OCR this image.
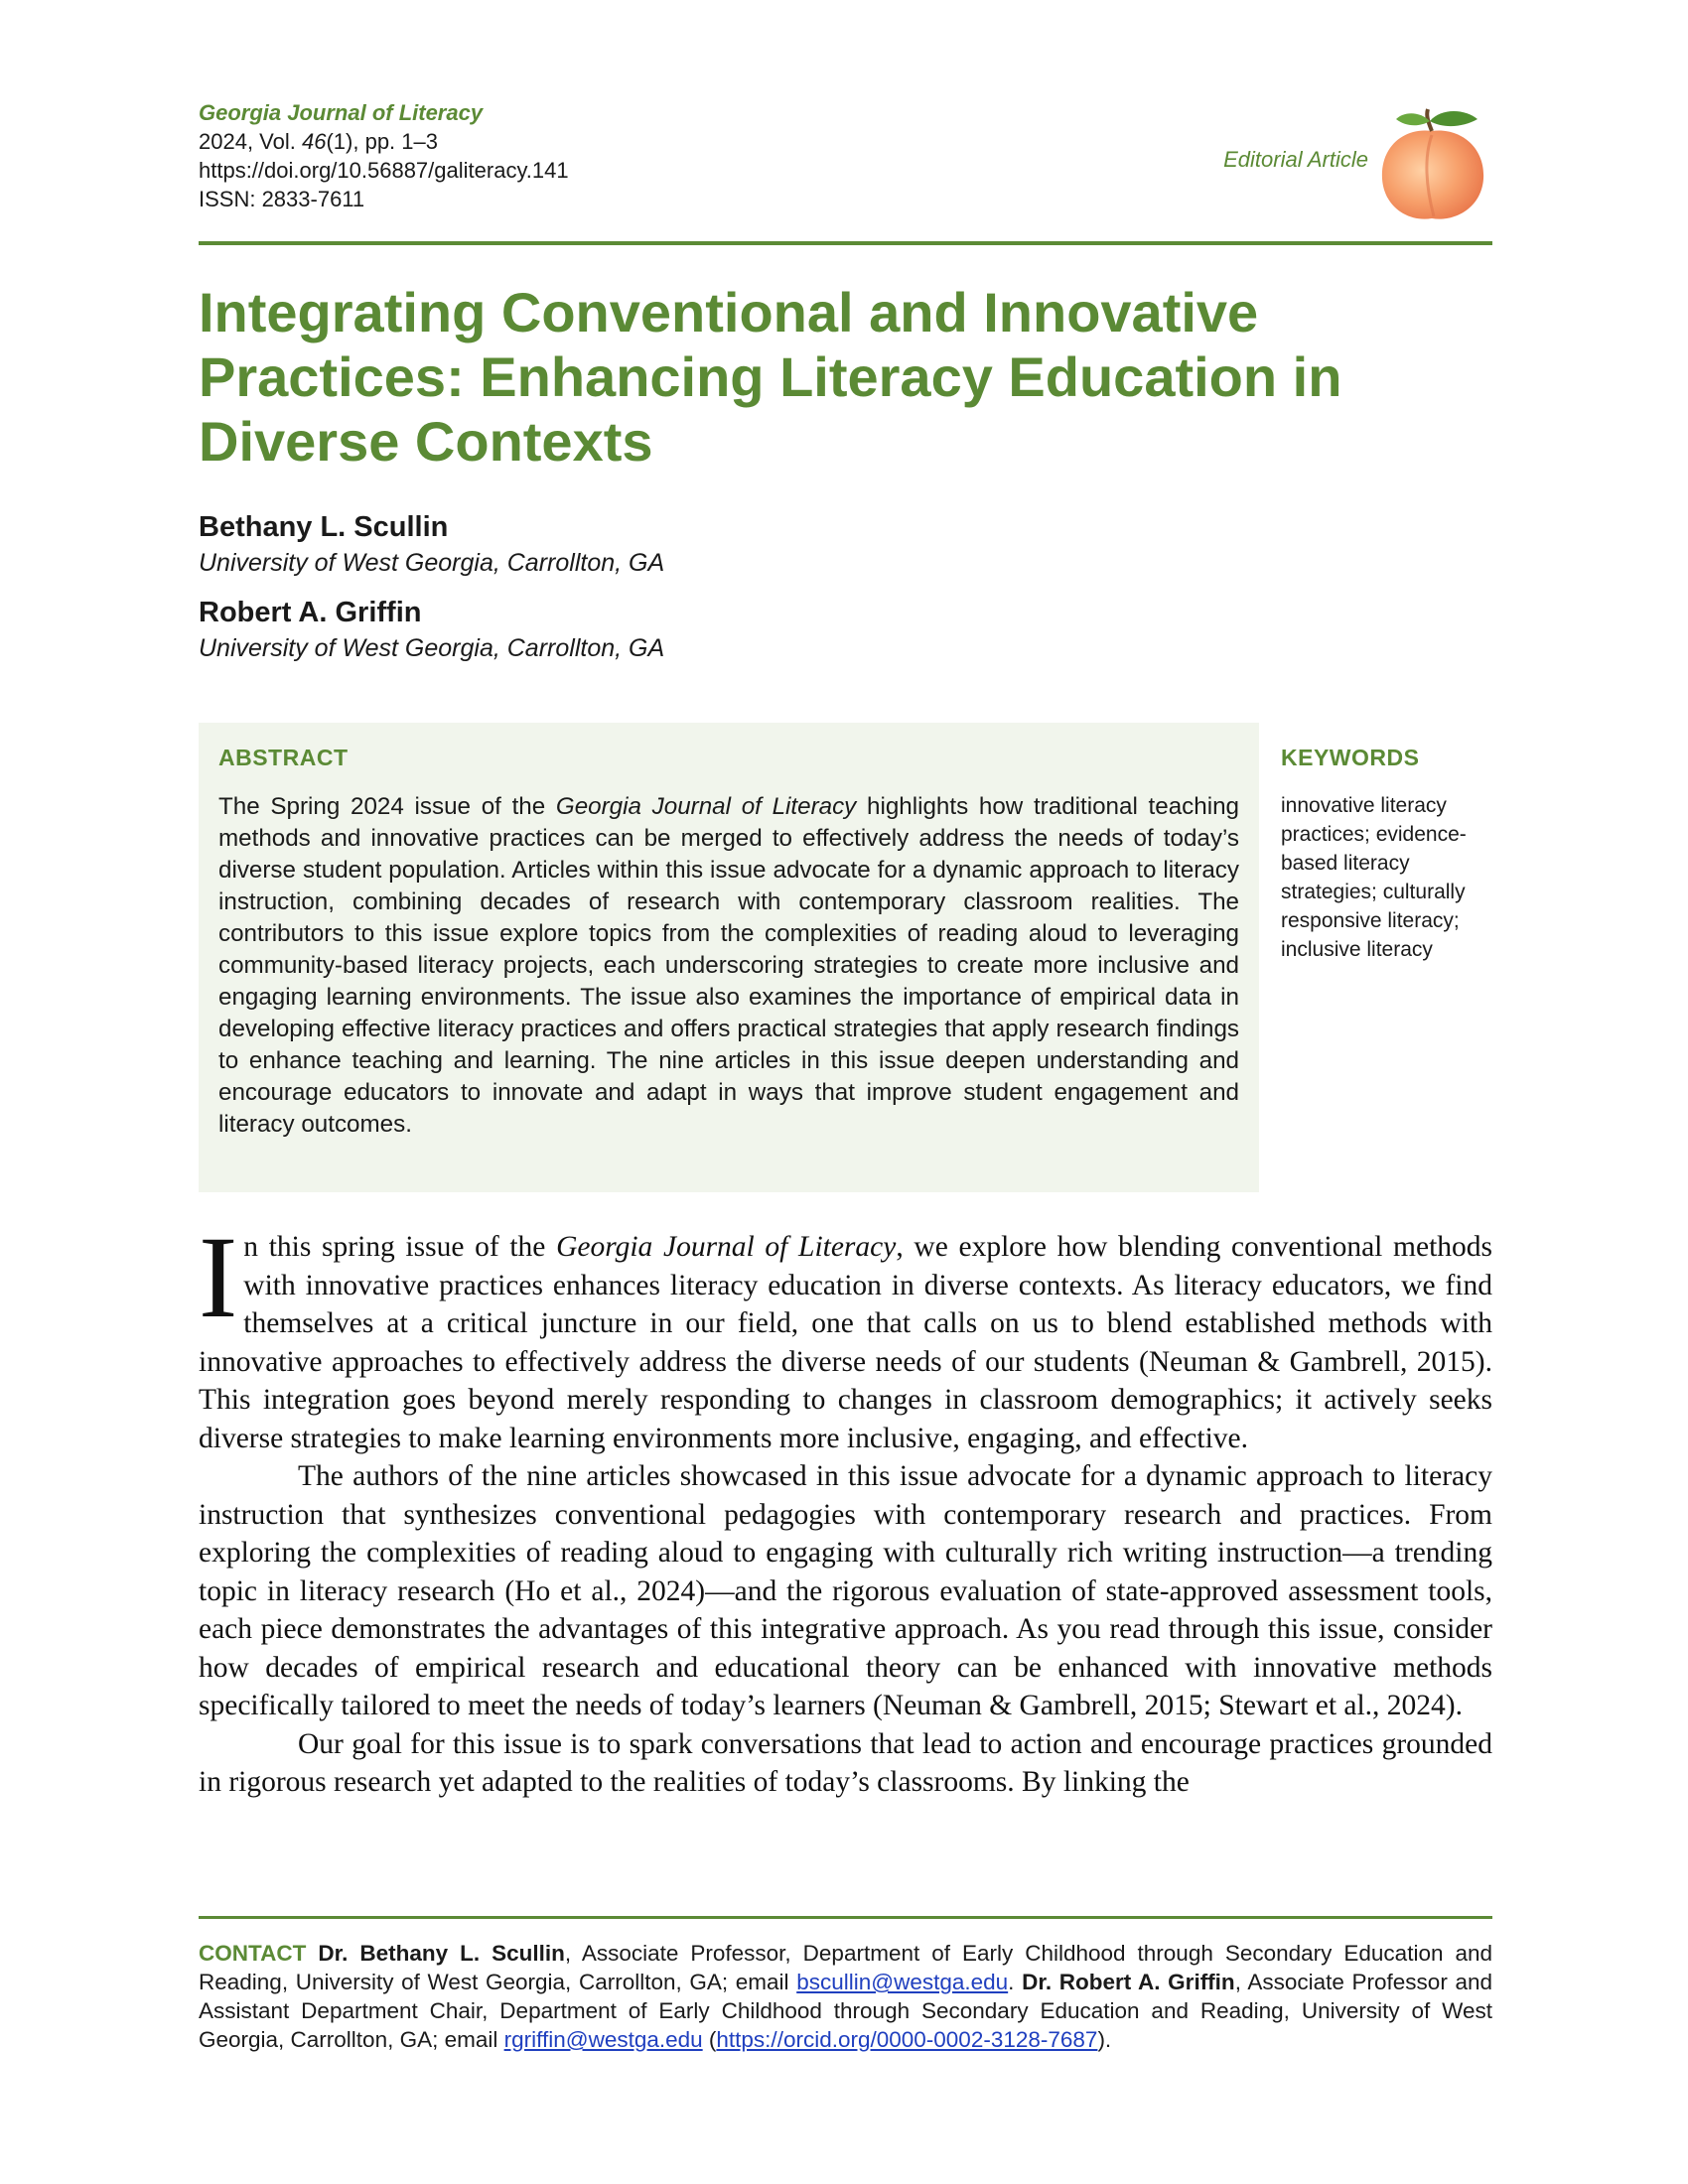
Georgia Journal of Literacy
2024, Vol. 46(1), pp. 1–3
https://doi.org/10.56887/galiteracy.141
ISSN: 2833-7611
Editorial Article
Integrating Conventional and Innovative Practices: Enhancing Literacy Education in Diverse Contexts
Bethany L. Scullin
University of West Georgia, Carrollton, GA
Robert A. Griffin
University of West Georgia, Carrollton, GA
ABSTRACT
The Spring 2024 issue of the Georgia Journal of Literacy highlights how traditional teaching methods and innovative practices can be merged to effectively address the needs of today’s diverse student population. Articles within this issue advocate for a dynamic approach to literacy instruction, combining decades of research with contemporary classroom realities. The contributors to this issue explore topics from the complexities of reading aloud to leveraging community-based literacy projects, each underscoring strategies to create more inclusive and engaging learning environments. The issue also examines the importance of empirical data in developing effective literacy practices and offers practical strategies that apply research findings to enhance teaching and learning. The nine articles in this issue deepen understanding and encourage educators to innovate and adapt in ways that improve student engagement and literacy outcomes.
KEYWORDS
innovative literacy practices; evidence-based literacy strategies; culturally responsive literacy; inclusive literacy

In this spring issue of the Georgia Journal of Literacy, we explore how blending conventional methods with innovative practices enhances literacy education in diverse contexts. As literacy educators, we find themselves at a critical juncture in our field, one that calls on us to blend established methods with innovative approaches to effectively address the diverse needs of our students (Neuman & Gambrell, 2015). This integration goes beyond merely responding to changes in classroom demographics; it actively seeks diverse strategies to make learning environments more inclusive, engaging, and effective.

The authors of the nine articles showcased in this issue advocate for a dynamic approach to literacy instruction that synthesizes conventional pedagogies with contemporary research and practices. From exploring the complexities of reading aloud to engaging with culturally rich writing instruction—a trending topic in literacy research (Ho et al., 2024)—and the rigorous evaluation of state-approved assessment tools, each piece demonstrates the advantages of this integrative approach. As you read through this issue, consider how decades of empirical research and educational theory can be enhanced with innovative methods specifically tailored to meet the needs of today’s learners (Neuman & Gambrell, 2015; Stewart et al., 2024).

Our goal for this issue is to spark conversations that lead to action and encourage practices grounded in rigorous research yet adapted to the realities of today’s classrooms. By linking the

CONTACT Dr. Bethany L. Scullin, Associate Professor, Department of Early Childhood through Secondary Education and Reading, University of West Georgia, Carrollton, GA; email bscullin@westga.edu. Dr. Robert A. Griffin, Associate Professor and Assistant Department Chair, Department of Early Childhood through Secondary Education and Reading, University of West Georgia, Carrollton, GA; email rgriffin@westga.edu (https://orcid.org/0000-0002-3128-7687).
